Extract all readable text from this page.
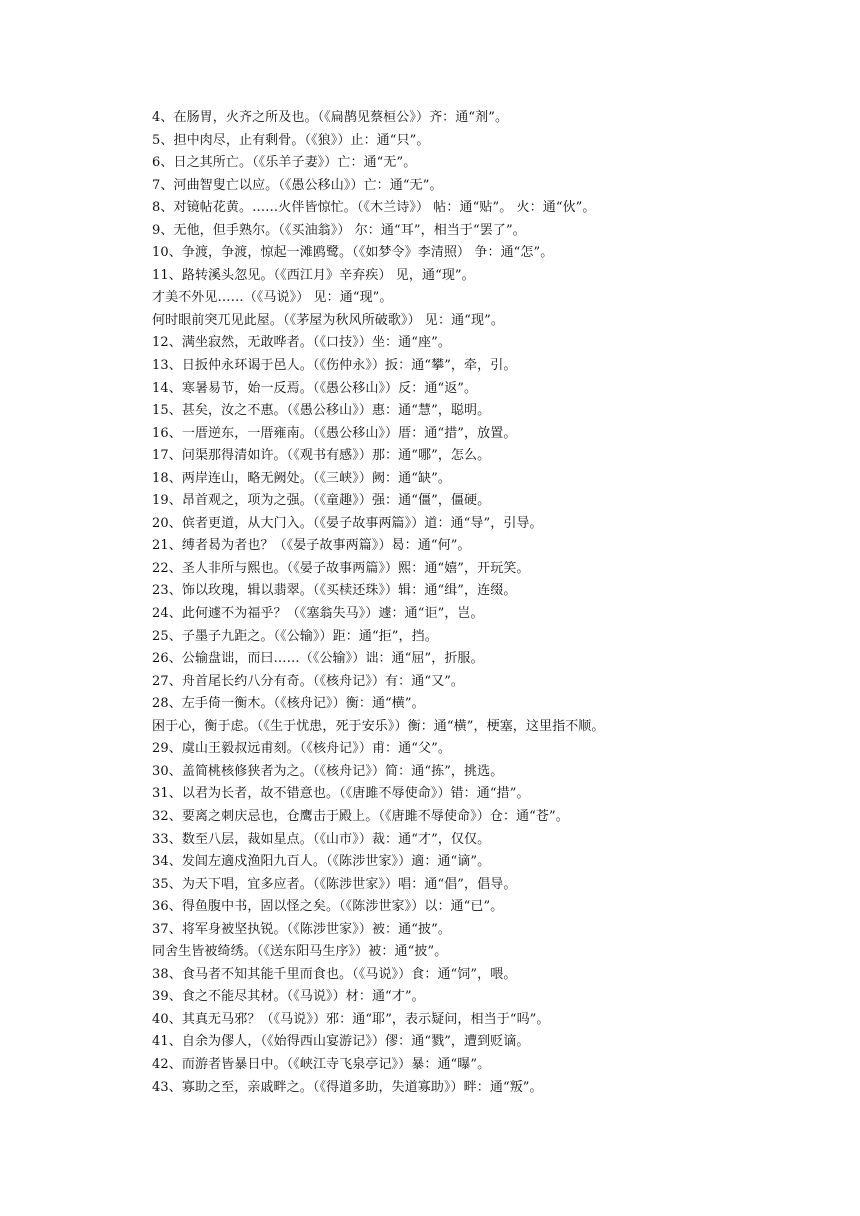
4、在肠胃，火齐之所及也。（《扁鹊见蔡桓公》）齐：通“剂”。
5、担中肉尽，止有剩骨。（《狼》）止：通“只”。
6、日之其所亡。（《乐羊子妻》）亡：通“无”。
7、河曲智叟亡以应。（《愚公移山》）亡：通“无”。
8、对镜帖花黄。……火伴皆惊忙。（《木兰诗》） 帖：通“贴”。 火：通“伙”。
9、无他，但手熟尔。（《买油翁》） 尔：通“耳”，相当于“罢了”。
10、争渡，争渡，惊起一滩鸥鹭。（《如梦令》李清照） 争：通“怎”。
11、路转溪头忽见。（《西江月》辛弃疾） 见，通“现”。
才美不外见……（《马说》） 见：通“现”。
何时眼前突兀见此屋。（《茅屋为秋风所破歌》） 见：通“现”。
12、满坐寂然，无敢哗者。（《口技》）坐：通“座”。
13、日扳仲永环谒于邑人。（《伤仲永》）扳：通“攀”，牵，引。
14、寒暑易节，始一反焉。（《愚公移山》）反：通“返”。
15、甚矣，汝之不惠。（《愚公移山》）惠：通“慧”，聪明。
16、一厝逆东，一厝雍南。（《愚公移山》）厝：通“措”，放置。
17、问渠那得清如许。（《观书有感》）那：通“哪”，怎么。
18、两岸连山，略无阙处。（《三峡》）阙：通“缺”。
19、昂首观之，项为之强。（《童趣》）强：通“僵”，僵硬。
20、傧者更道，从大门入。（《晏子故事两篇》）道：通“导”，引导。
21、缚者曷为者也？（《晏子故事两篇》）曷：通“何”。
22、圣人非所与熙也。（《晏子故事两篇》）熙：通“嬉”，开玩笑。
23、饰以玫瑰，辑以翡翠。（《买椟还珠》）辑：通“缉”，连缀。
24、此何遽不为福乎？（《塞翁失马》）遽：通“讵”，岂。
25、子墨子九距之。（《公输》）距：通“拒”，挡。
26、公输盘诎，而曰……（《公输》）诎：通“屈”，折服。
27、舟首尾长约八分有奇。（《核舟记》）有：通“又”。
28、左手倚一衡木。（《核舟记》）衡：通“横”。
困于心，衡于虑。（《生于忧患，死于安乐》）衡：通“横”，梗塞，这里指不顺。
29、虞山王毅叔远甫刻。（《核舟记》）甫：通“父”。
30、盖简桃核修狭者为之。（《核舟记》）简：通“拣”，挑选。
31、以君为长者，故不错意也。（《唐雎不辱使命》）错：通“措”。
32、要离之刺庆忌也，仓鹰击于殿上。（《唐雎不辱使命》）仓：通“苍”。
33、数至八层，裁如星点。（《山市》）裁：通“才”，仅仅。
34、发闾左適戍渔阳九百人。（《陈涉世家》）適：通“谪”。
35、为天下唱，宜多应者。（《陈涉世家》）唱：通“倡”，倡导。
36、得鱼腹中书，固以怪之矣。（《陈涉世家》）以：通“已”。
37、将军身被坚执锐。（《陈涉世家》）被：通“披”。
同舍生皆被绮绣。（《送东阳马生序》）被：通“披”。
38、食马者不知其能千里而食也。（《马说》）食：通“饲”，喂。
39、食之不能尽其材。（《马说》）材：通“才”。
40、其真无马邪？（《马说》）邪：通“耶”，表示疑问，相当于“吗”。
41、自余为僇人，（《始得西山宴游记》）僇：通“戮”，遭到贬谪。
42、而游者皆暴日中。（《峡江寺飞泉亭记》）暴：通“曝”。
43、寡助之至，亲戚畔之。（《得道多助，失道寡助》）畔：通“叛”。
